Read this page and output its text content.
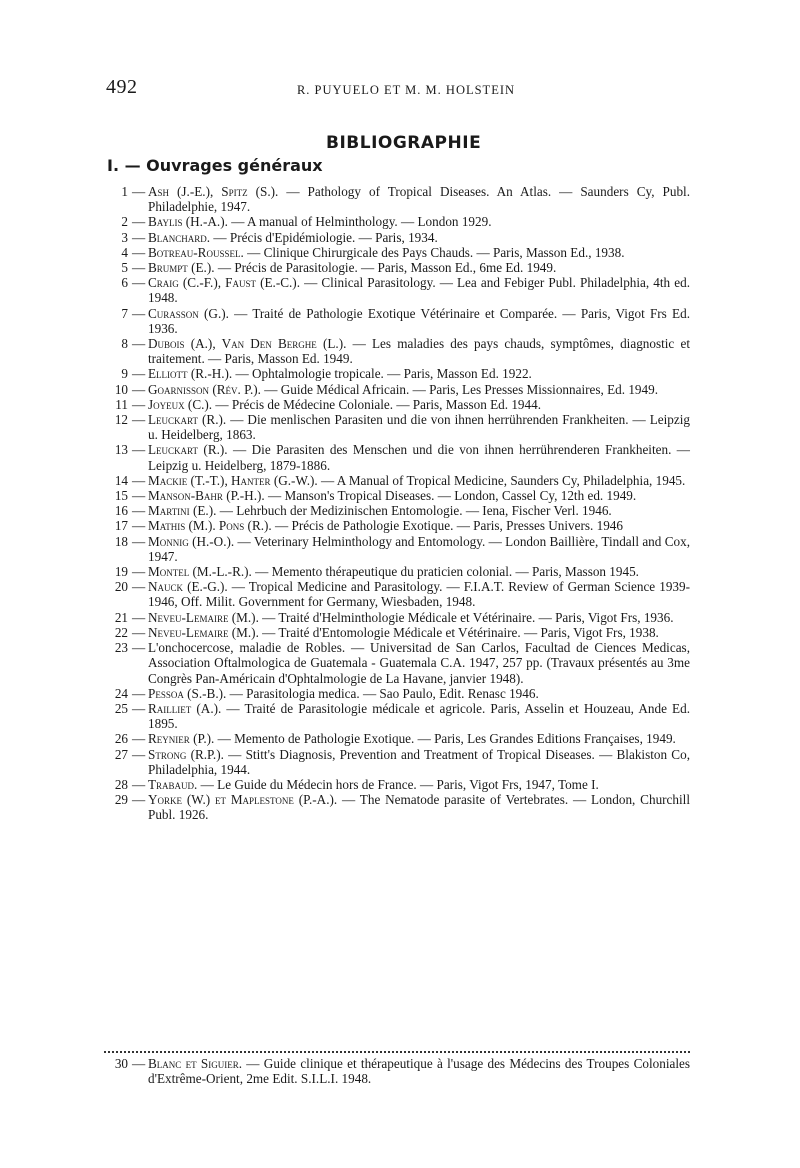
492	R. PUYUELO ET M. M. HOLSTEIN
BIBLIOGRAPHIE
I. — Ouvrages généraux
1 — Ash (J.-E.), Spitz (S.). — Pathology of Tropical Diseases. An Atlas. — Saunders Cy, Publ. Philadelphie, 1947.
2 — Baylis (H.-A.). — A manual of Helminthology. — London 1929.
3 — Blanchard. — Précis d'Epidémiologie. — Paris, 1934.
4 — Botreau-Roussel. — Clinique Chirurgicale des Pays Chauds. — Paris, Masson Ed., 1938.
5 — Brumpt (E.). — Précis de Parasitologie. — Paris, Masson Ed., 6me Ed. 1949.
6 — Craig (C.-F.), Faust (E.-C.). — Clinical Parasitology. — Lea and Febiger Publ. Philadelphia, 4th ed. 1948.
7 — Curasson (G.). — Traité de Pathologie Exotique Vétérinaire et Comparée. — Paris, Vigot Frs Ed. 1936.
8 — Dubois (A.), Van Den Berghe (L.). — Les maladies des pays chauds, symptômes, diagnostic et traitement. — Paris, Masson Ed. 1949.
9 — Elliott (R.-H.). — Ophtalmologie tropicale. — Paris, Masson Ed. 1922.
10 — Goarnisson (Rév. P.). — Guide Médical Africain. — Paris, Les Presses Missionnaires, Ed. 1949.
11 — Joyeux (C.). — Précis de Médecine Coloniale. — Paris, Masson Ed. 1944.
12 — Leuckart (R.). — Die menlischen Parasiten und die von ihnen herrührenden Frankheiten. — Leipzig u. Heidelberg, 1863.
13 — Leuckart (R.). — Die Parasiten des Menschen und die von ihnen herrührenderen Frankheiten. — Leipzig u. Heidelberg, 1879-1886.
14 — Mackie (T.-T.), Hanter (G.-W.). — A Manual of Tropical Medicine, Saunders Cy, Philadelphia, 1945.
15 — Manson-Bahr (P.-H.). — Manson's Tropical Diseases. — London, Cassel Cy, 12th ed. 1949.
16 — Martini (E.). — Lehrbuch der Medizinischen Entomologie. — Iena, Fischer Verl. 1946.
17 — Mathis (M.). Pons (R.). — Précis de Pathologie Exotique. — Paris, Presses Univers. 1946
18 — Monnig (H.-O.). — Veterinary Helminthology and Entomology. — London Baillière, Tindall and Cox, 1947.
19 — Montel (M.-L.-R.). — Memento thérapeutique du praticien colonial. — Paris, Masson 1945.
20 — Nauck (E.-G.). — Tropical Medicine and Parasitology. — F.I.A.T. Review of German Science 1939-1946, Off. Milit. Government for Germany, Wiesbaden, 1948.
21 — Neveu-Lemaire (M.). — Traité d'Helminthologie Médicale et Vétérinaire. — Paris, Vigot Frs, 1936.
22 — Neveu-Lemaire (M.). — Traité d'Entomologie Médicale et Vétérinaire. — Paris, Vigot Frs, 1938.
23 — L'onchocercose, maladie de Robles. — Universitad de San Carlos, Facultad de Ciences Medicas, Association Oftalmologica de Guatemala - Guatemala C.A. 1947, 257 pp. (Travaux présentés au 3me Congrès Pan-Américain d'Ophtalmologie de La Havane, janvier 1948).
24 — Pessoa (S.-B.). — Parasitologia medica. — Sao Paulo, Edit. Renasc 1946.
25 — Railliet (A.). — Traité de Parasitologie médicale et agricole. Paris, Asselin et Houzeau, Ande Ed. 1895.
26 — Reynier (P.). — Memento de Pathologie Exotique. — Paris, Les Grandes Editions Françaises, 1949.
27 — Strong (R.P.). — Stitt's Diagnosis, Prevention and Treatment of Tropical Diseases. — Blakiston Co, Philadelphia, 1944.
28 — Trabaud. — Le Guide du Médecin hors de France. — Paris, Vigot Frs, 1947, Tome I.
29 — Yorke (W.) et Maplestone (P.-A.). — The Nematode parasite of Vertebrates. — London, Churchill Publ. 1926.
30 — Blanc et Siguier. — Guide clinique et thérapeutique à l'usage des Médecins des Troupes Coloniales d'Extrême-Orient, 2me Edit. S.I.L.I. 1948.
